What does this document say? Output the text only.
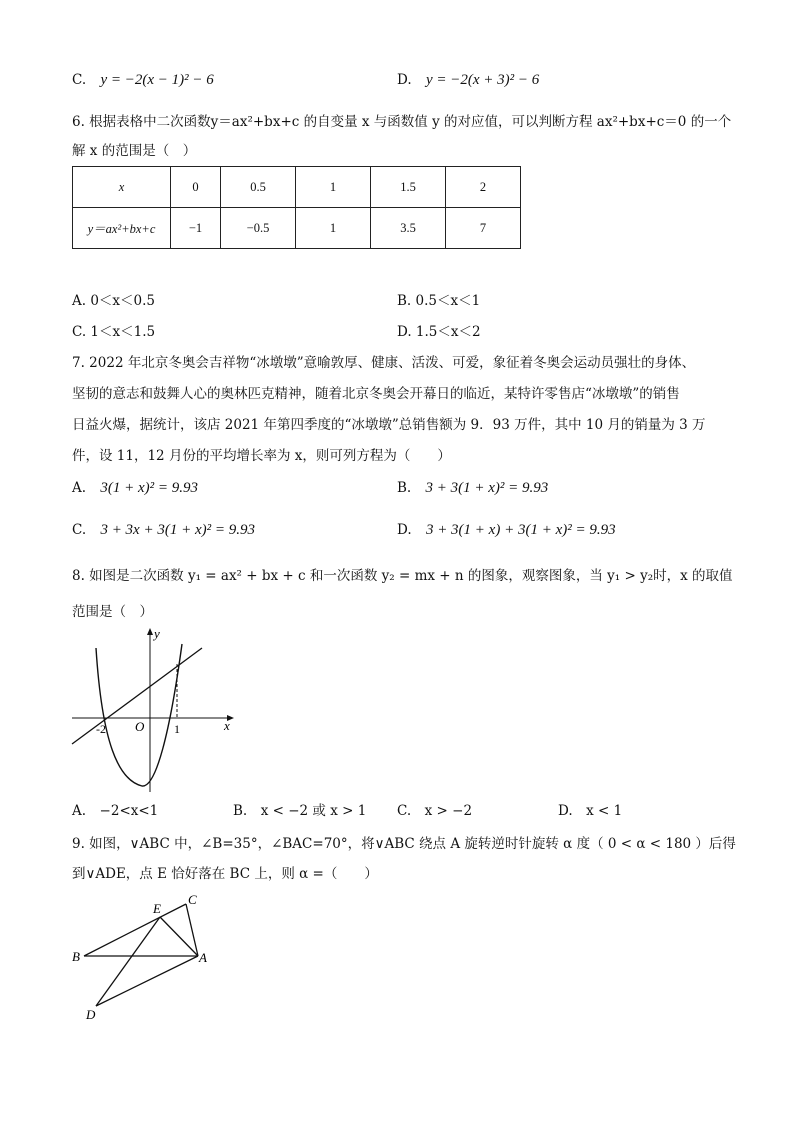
C. y = −2(x − 1)² − 6	D. y = −2(x + 3)² − 6
6. 根据表格中二次函数y＝ax²+bx+c 的自变量 x 与函数值 y 的对应值，可以判断方程 ax²+bx+c＝0 的一个
解 x 的范围是（　）
x	0	0.5	1	1.5	2
y＝ax²+bx+c	−1	−0.5	1	3.5	7
A. 0＜x＜0.5	B. 0.5＜x＜1
C. 1＜x＜1.5	D. 1.5＜x＜2
7. 2022 年北京冬奥会吉祥物“冰墩墩”意喻敦厚、健康、活泼、可爱，象征着冬奥会运动员强壮的身体、
坚韧的意志和鼓舞人心的奥林匹克精神，随着北京冬奥会开幕日的临近，某特许零售店“冰墩墩”的销售
日益火爆，据统计，该店 2021 年第四季度的“冰墩墩”总销售额为 9．93 万件，其中 10 月的销量为 3 万
件，设 11，12 月份的平均增长率为 x，则可列方程为（　　）
A. 3(1 + x)² = 9.93	B. 3 + 3(1 + x)² = 9.93
C. 3 + 3x + 3(1 + x)² = 9.93	D. 3 + 3(1 + x) + 3(1 + x)² = 9.93
8. 如图是二次函数 y₁ = ax² + bx + c 和一次函数 y₂ = mx + n 的图象，观察图象，当 y₁ > y₂时，x 的取值
范围是（　）
y
x
O
-2	1
A.　−2<x<1	B.　x < −2 或 x > 1 C.　x > −2	D.　x < 1
9. 如图，∨ABC 中，∠B=35°，∠BAC=70°，将∨ABC 绕点 A 旋转逆时针旋转 α 度（ 0 < α < 180 ）后得
到∨ADE，点 E 恰好落在 BC 上，则 α =（　　）
E
C
B	A
D
